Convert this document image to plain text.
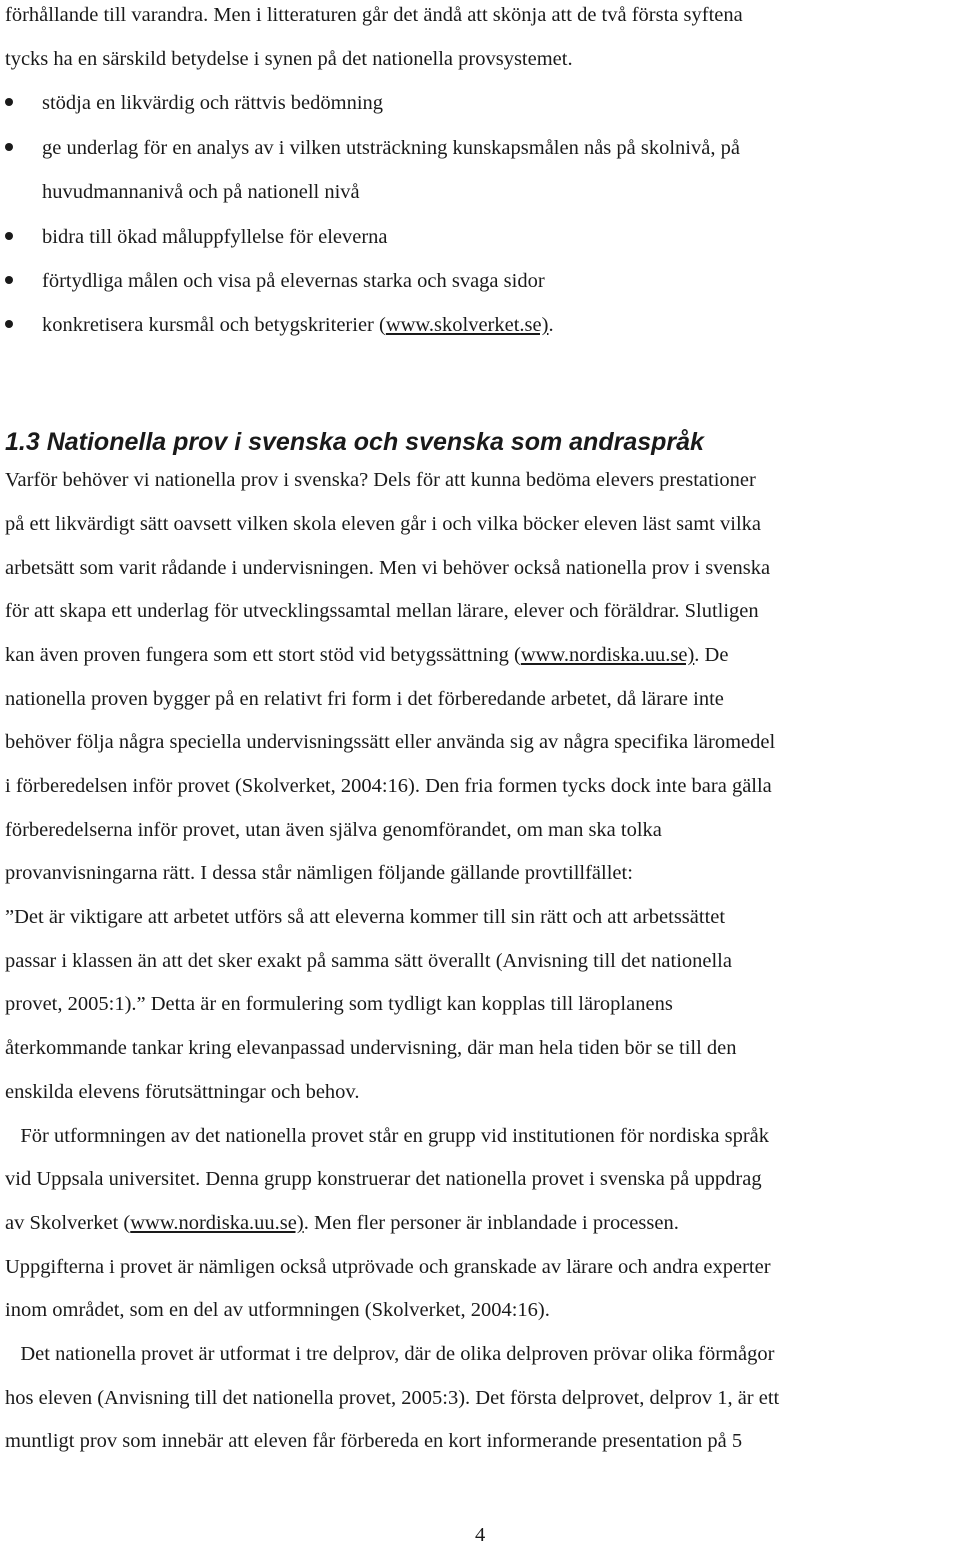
förhållande till varandra. Men i litteraturen går det ändå att skönja att de två första syftena
tycks ha en särskild betydelse i synen på det nationella provsystemet.
stödja en likvärdig och rättvis bedömning
ge underlag för en analys av i vilken utsträckning kunskapsmålen nås på skolnivå, på
huvudmannanivå och på nationell nivå
bidra till ökad måluppfyllelse för eleverna
förtydliga målen och visa på elevernas starka och svaga sidor
konkretisera kursmål och betygskriterier (www.skolverket.se).
1.3 Nationella prov i svenska och svenska som andraspråk
Varför behöver vi nationella prov i svenska? Dels för att kunna bedöma elevers prestationer
på ett likvärdigt sätt oavsett vilken skola eleven går i och vilka böcker eleven läst samt vilka
arbetsätt som varit rådande i undervisningen. Men vi behöver också nationella prov i svenska
för att skapa ett underlag för utvecklingssamtal mellan lärare, elever och föräldrar. Slutligen
kan även proven fungera som ett stort stöd vid betygssättning (www.nordiska.uu.se). De
nationella proven bygger på en relativt fri form i det förberedande arbetet, då lärare inte
behöver följa några speciella undervisningssätt eller använda sig av några specifika läromedel
i förberedelsen inför provet (Skolverket, 2004:16). Den fria formen tycks dock inte bara gälla
förberedelserna inför provet, utan även själva genomförandet, om man ska tolka
provanvisningarna rätt. I dessa står nämligen följande gällande provtillfället:
”Det är viktigare att arbetet utförs så att eleverna kommer till sin rätt och att arbetssättet
passar i klassen än att det sker exakt på samma sätt överallt (Anvisning till det nationella
provet, 2005:1).” Detta är en formulering som tydligt kan kopplas till läroplanens
återkommande tankar kring elevanpassad undervisning, där man hela tiden bör se till den
enskilda elevens förutsättningar och behov.
För utformningen av det nationella provet står en grupp vid institutionen för nordiska språk
vid Uppsala universitet. Denna grupp konstruerar det nationella provet i svenska på uppdrag
av Skolverket (www.nordiska.uu.se). Men fler personer är inblandade i processen.
Uppgifterna i provet är nämligen också utprövade och granskade av lärare och andra experter
inom området, som en del av utformningen (Skolverket, 2004:16).
Det nationella provet är utformat i tre delprov, där de olika delproven prövar olika förmågor
hos eleven (Anvisning till det nationella provet, 2005:3). Det första delprovet, delprov 1, är ett
muntligt prov som innebär att eleven får förbereda en kort informerande presentation på 5
4
